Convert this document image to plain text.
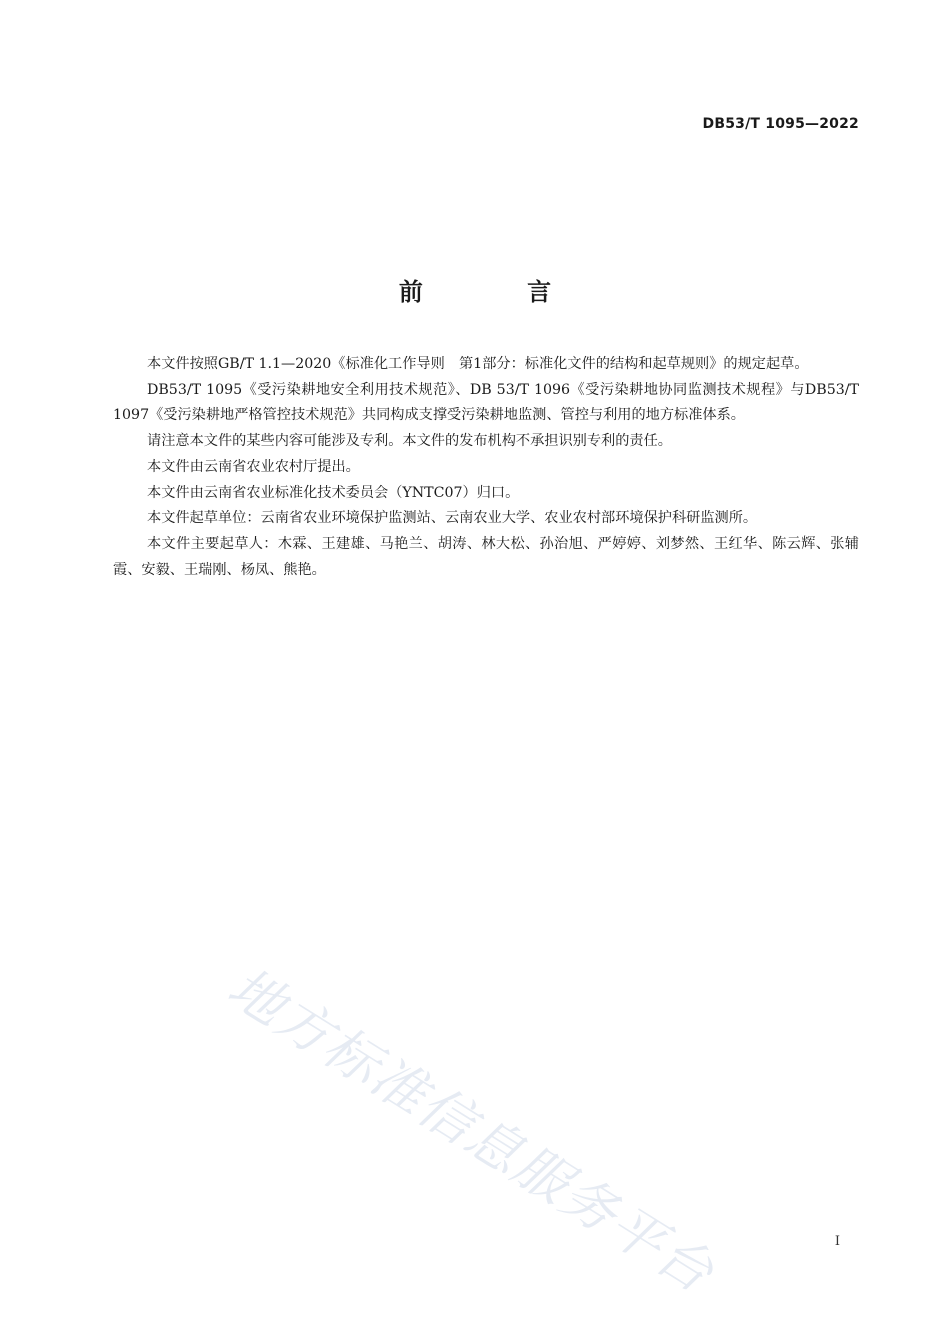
DB53/T 1095—2022
前 言

本文件按照GB/T 1.1—2020《标准化工作导则　第1部分：标准化文件的结构和起草规则》的规定起草。

DB53/T 1095《受污染耕地安全利用技术规范》、DB 53/T 1096《受污染耕地协同监测技术规程》与DB53/T 1097《受污染耕地严格管控技术规范》共同构成支撑受污染耕地监测、管控与利用的地方标准体系。

请注意本文件的某些内容可能涉及专利。本文件的发布机构不承担识别专利的责任。

本文件由云南省农业农村厅提出。

本文件由云南省农业标准化技术委员会（YNTC07）归口。

本文件起草单位：云南省农业环境保护监测站、云南农业大学、农业农村部环境保护科研监测所。

本文件主要起草人：木霖、王建雄、马艳兰、胡涛、林大松、孙治旭、严婷婷、刘梦然、王红华、陈云辉、张辅霞、安毅、王瑞刚、杨凤、熊艳。

地方标准信息服务平台	I
